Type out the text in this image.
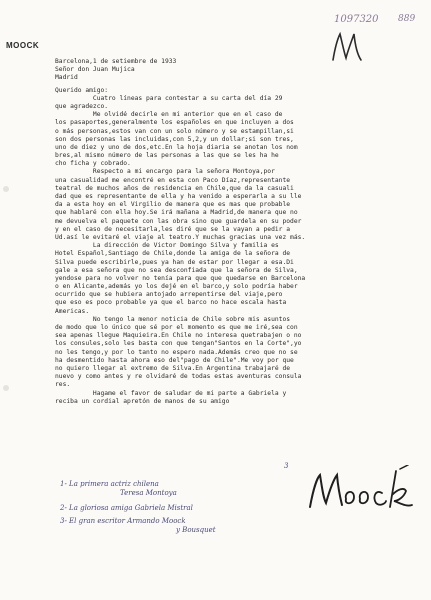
MOOCK
1097320 889
Barcelona,1 de setiembre de 1933
Señor don Juan Mujica
Madrid
Querido amigo:
Cuatro líneas para contestar a su carta del día 29
que agradezco.
Me olvidé decirle en mi anterior que en el caso de
los pasaportes,generalmente los españoles en que incluyen a dos
o más personas,estos van con un solo número y se estampillan,si
son dos personas las incluidas,con 5,2,y un dollar;si son tres,
uno de diez y uno de dos,etc.En la hoja diaria se anotan los nom
bres,al mismo número de las personas a las que se les ha he
cho ficha y cobrado.
Respecto a mi encargo para la señora Montoya,por
una casualidad me encontré en esta con Paco Díaz,representante
teatral de muchos años de residencia en Chile,que da la casuali
dad que es representante de ella y ha venido a esperarla a su lle
da a esta hoy en el Virgilio de manera que es mas que probable
que hablaré con ella hoy.Se irá mañana a Madrid,de manera que no
me devuelva el paquete con las obra sino que guardela en su poder
y en el caso de necesitarla,les diré que se la vayan a pedir a
Ud.así le evitaré el viaje al teatro.Y muchas gracias una vez más.
La dirección de Victor Domingo Silva y familia es
Hotel Español,Santiago de Chile,donde la amiga de la señora de
Silva puede escribirle,pues ya han de estar por llegar a esa.Di
gale a esa señora que no sea desconfiada que la señora de Silva,
yendose para no volver no tenía para que que quedarse en Barcelona
o en Alicante,además yo los dejé en el barco,y solo podría haber
ocurrido que se hubiera antojado arrepentirse del viaje,pero
que eso es poco probable ya que el barco no hace escala hasta
Americas.
No tengo la menor noticia de Chile sobre mis asuntos
de modo que lo único que sé por el momento es que me iré,sea con
sea apenas llegue Maquieira.En Chile no interesa quetrabajen o no
los consules,solo les basta con que tengan"Santos en la Corte",yo
no les tengo,y por lo tanto no espero nada.Además creo que no se
ha desmentido hasta ahora eso del"pago de Chile".Me voy por que
no quiero llegar al extremo de Silva.En Argentina trabajaré de
nuevo y como antes y re olvidaré de todas estas aventuras consula
res.
Hagame el favor de saludar de mi parte a Gabriela y
reciba un cordial apretón de manos de su amigo
3
1- La primera actriz chilena
Teresa Montoya
2- La gloriosa amiga Gabriela Mistral
3- El gran escritor Armando Moock
y Bousquet
